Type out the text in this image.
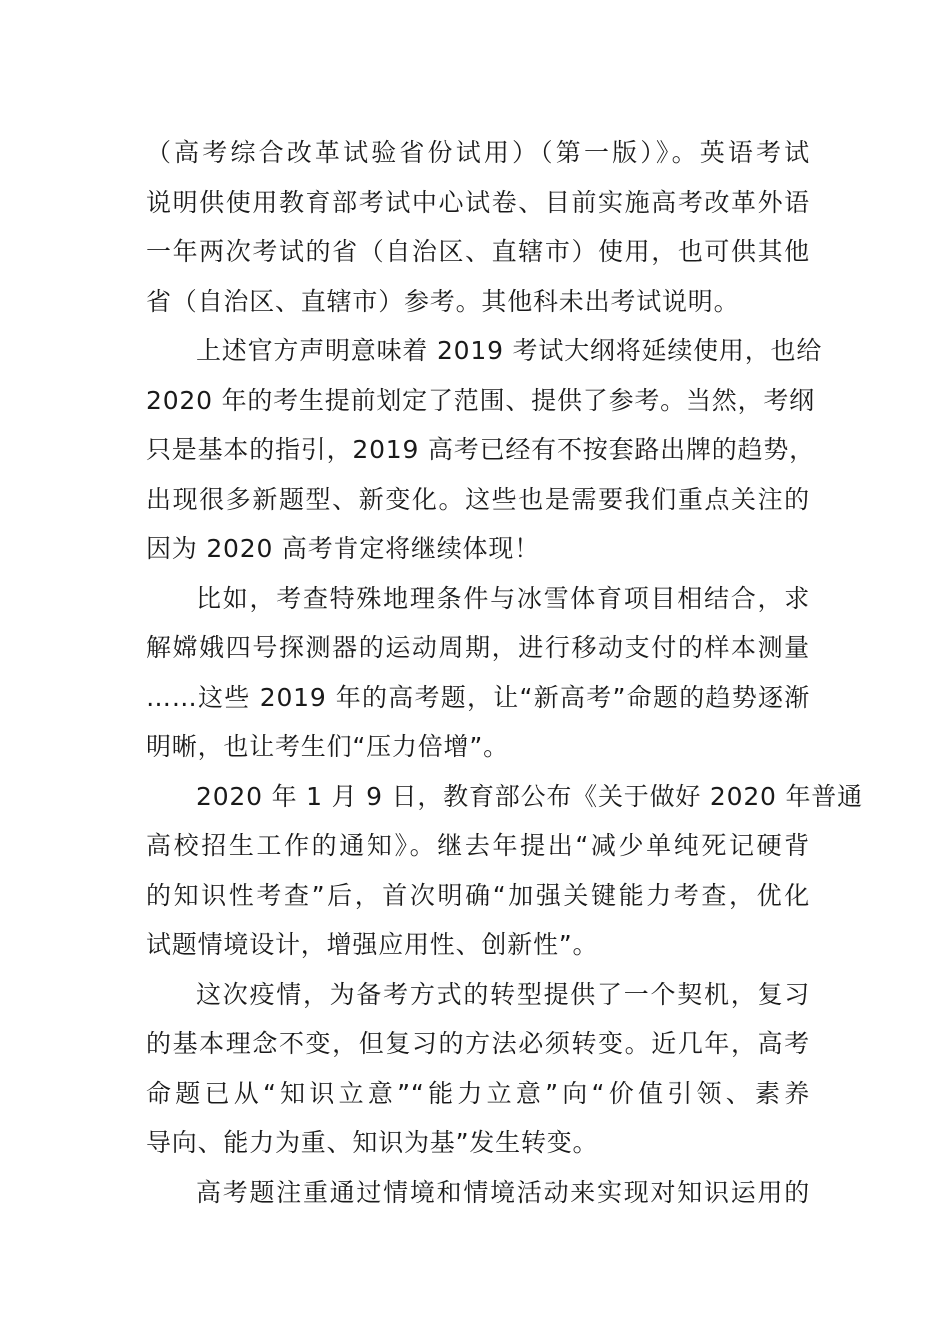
（高考综合改革试验省份试用）（第一版）》。英语考试
说明供使用教育部考试中心试卷、目前实施高考改革外语
一年两次考试的省（自治区、直辖市）使用，也可供其他
省（自治区、直辖市）参考。其他科未出考试说明。
上述官方声明意味着 2019 考试大纲将延续使用，也给
2020 年的考生提前划定了范围、提供了参考。当然，考纲
只是基本的指引，2019 高考已经有不按套路出牌的趋势，
出现很多新题型、新变化。这些也是需要我们重点关注的
因为 2020 高考肯定将继续体现！
比如，考查特殊地理条件与冰雪体育项目相结合，求
解嫦娥四号探测器的运动周期，进行移动支付的样本测量
……这些 2019 年的高考题，让“新高考”命题的趋势逐渐
明晰，也让考生们“压力倍增”。
2020 年 1 月 9 日，教育部公布《关于做好 2020 年普通
高校招生工作的通知》。继去年提出“减少单纯死记硬背
的知识性考查”后，首次明确“加强关键能力考查，优化
试题情境设计，增强应用性、创新性”。
这次疫情，为备考方式的转型提供了一个契机，复习
的基本理念不变，但复习的方法必须转变。近几年，高考
命题已从“知识立意”“能力立意”向“价值引领、素养
导向、能力为重、知识为基”发生转变。
高考题注重通过情境和情境活动来实现对知识运用的
